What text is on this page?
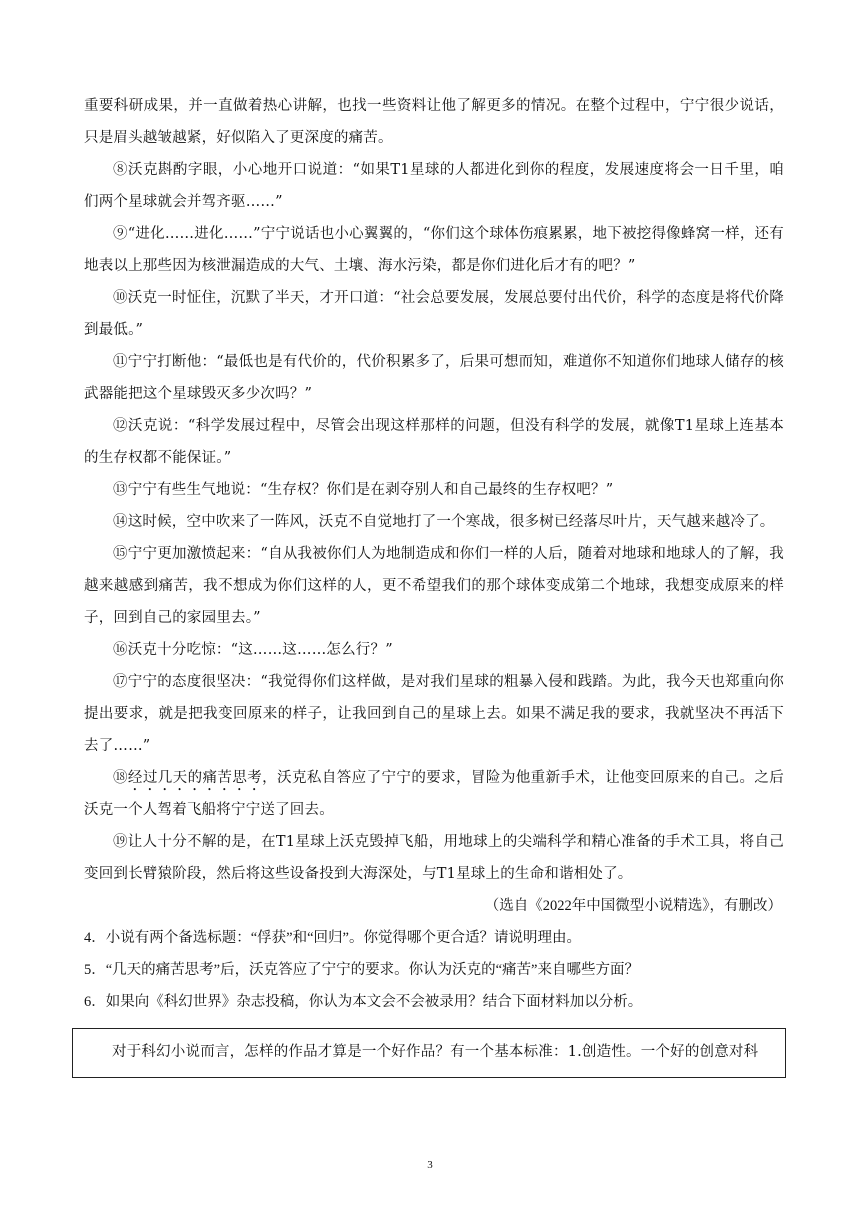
重要科研成果，并一直做着热心讲解，也找一些资料让他了解更多的情况。在整个过程中，宁宁很少说话，只是眉头越皱越紧，好似陷入了更深度的痛苦。

⑧沃克斟酌字眼，小心地开口说道：“如果T1星球的人都进化到你的程度，发展速度将会一日千里，咱们两个星球就会并驾齐驱……”

⑨“进化……进化……”宁宁说话也小心翼翼的，“你们这个球体伤痕累累，地下被挖得像蜂窝一样，还有地表以上那些因为核泄漏造成的大气、土壤、海水污染，都是你们进化后才有的吧？”

⑩沃克一时怔住，沉默了半天，才开口道：“社会总要发展，发展总要付出代价，科学的态度是将代价降到最低。”

⑪宁宁打断他：“最低也是有代价的，代价积累多了，后果可想而知，难道你不知道你们地球人储存的核武器能把这个星球毁灭多少次吗？”

⑫沃克说：“科学发展过程中，尽管会出现这样那样的问题，但没有科学的发展，就像T1星球上连基本的生存权都不能保证。”

⑬宁宁有些生气地说：“生存权？你们是在剥夺别人和自己最终的生存权吧？”

⑭这时候，空中吹来了一阵风，沃克不自觉地打了一个寒战，很多树已经落尽叶片，天气越来越冷了。

⑮宁宁更加激愤起来：“自从我被你们人为地制造成和你们一样的人后，随着对地球和地球人的了解，我越来越感到痛苦，我不想成为你们这样的人，更不希望我们的那个球体变成第二个地球，我想变成原来的样子，回到自己的家园里去。”

⑯沃克十分吃惊：“这……这……怎么行？”

⑰宁宁的态度很坚决：“我觉得你们这样做，是对我们星球的粗暴入侵和践踏。为此，我今天也郑重向你提出要求，就是把我变回原来的样子，让我回到自己的星球上去。如果不满足我的要求，我就坚决不再活下去了……”

⑱经过几天的痛苦思考，沃克私自答应了宁宁的要求，冒险为他重新手术，让他变回原来的自己。之后沃克一个人驾着飞船将宁宁送了回去。

⑲让人十分不解的是，在T1星球上沃克毁掉飞船，用地球上的尖端科学和精心准备的手术工具，将自己变回到长臂猿阶段，然后将这些设备投到大海深处，与T1星球上的生命和谐相处了。

（选自《2022年中国微型小说精选》，有删改）

4．小说有两个备选标题：“俘获”和“回归”。你觉得哪个更合适？请说明理由。

5．“几天的痛苦思考”后，沃克答应了宁宁的要求。你认为沃克的“痛苦”来自哪些方面？

6．如果向《科幻世界》杂志投稿，你认为本文会不会被录用？结合下面材料加以分析。

对于科幻小说而言，怎样的作品才算是一个好作品？有一个基本标准：1.创造性。一个好的创意对科

3
